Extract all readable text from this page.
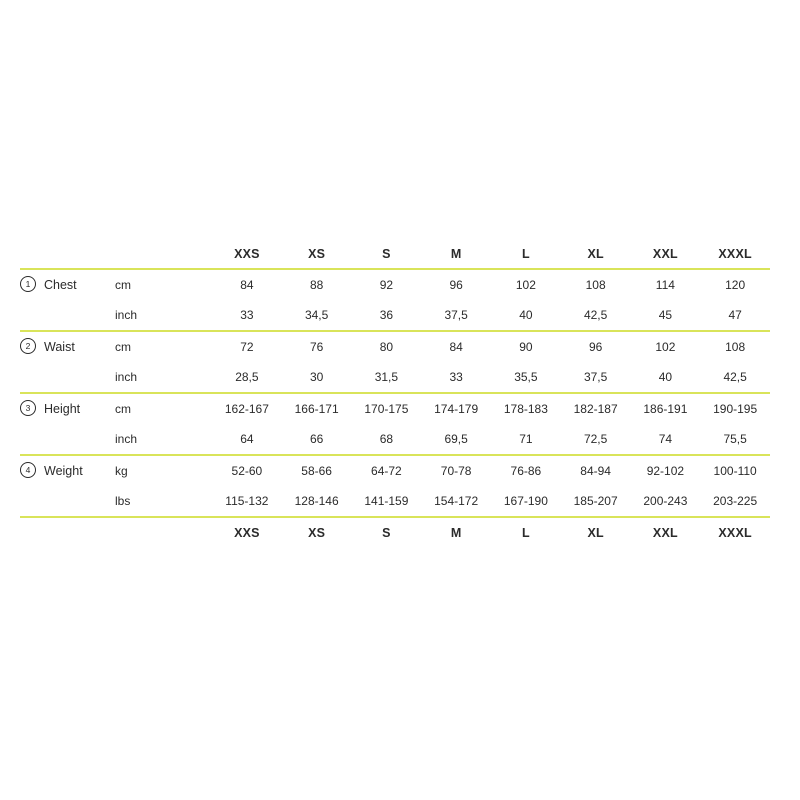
		XXS	XS	S	M	L	XL	XXL	XXXL
1 Chest	cm	84	88	92	96	102	108	114	120
	inch	33	34,5	36	37,5	40	42,5	45	47
2 Waist	cm	72	76	80	84	90	96	102	108
	inch	28,5	30	31,5	33	35,5	37,5	40	42,5
3 Height	cm	162-167	166-171	170-175	174-179	178-183	182-187	186-191	190-195
	inch	64	66	68	69,5	71	72,5	74	75,5
4 Weight	kg	52-60	58-66	64-72	70-78	76-86	84-94	92-102	100-110
	lbs	115-132	128-146	141-159	154-172	167-190	185-207	200-243	203-225
		XXS	XS	S	M	L	XL	XXL	XXXL
